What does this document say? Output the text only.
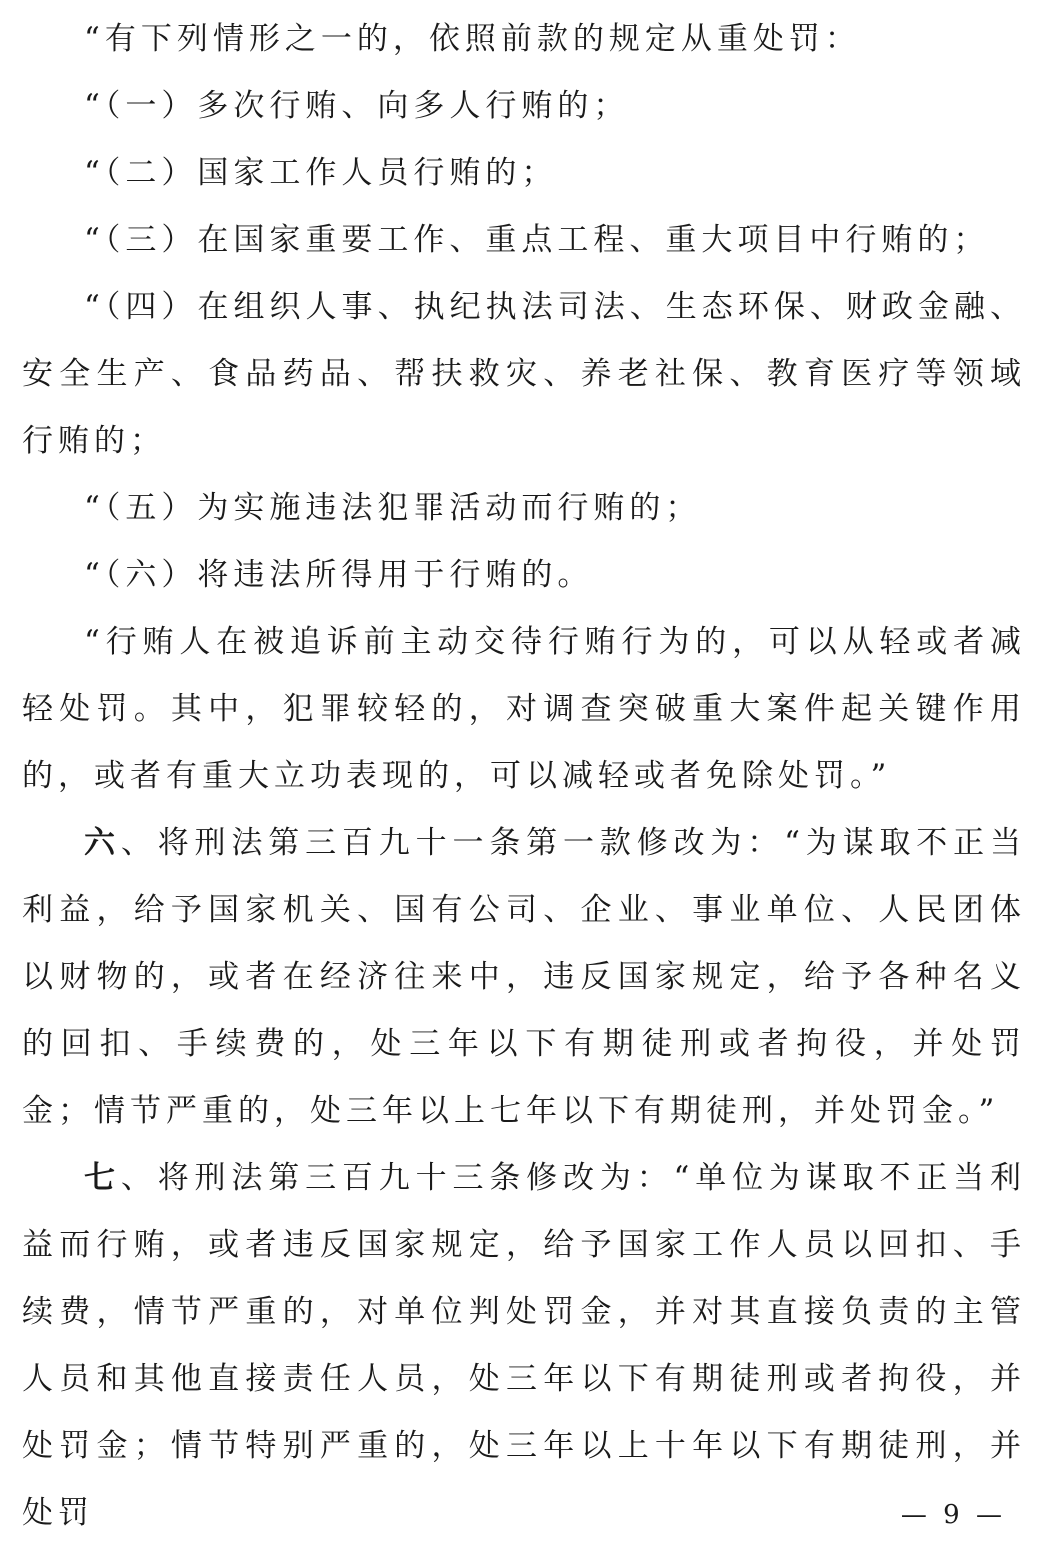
“有下列情形之一的，依照前款的规定从重处罚：

“（一）多次行贿、向多人行贿的；

“（二）国家工作人员行贿的；

“（三）在国家重要工作、重点工程、重大项目中行贿的；

“（四）在组织人事、执纪执法司法、生态环保、财政金融、安全生产、食品药品、帮扶救灾、养老社保、教育医疗等领域行贿的；

“（五）为实施违法犯罪活动而行贿的；

“（六）将违法所得用于行贿的。

“行贿人在被追诉前主动交待行贿行为的，可以从轻或者减轻处罚。其中，犯罪较轻的，对调查突破重大案件起关键作用的，或者有重大立功表现的，可以减轻或者免除处罚。”

六、将刑法第三百九十一条第一款修改为：“为谋取不正当利益，给予国家机关、国有公司、企业、事业单位、人民团体以财物的，或者在经济往来中，违反国家规定，给予各种名义的回扣、手续费的，处三年以下有期徒刑或者拘役，并处罚金；情节严重的，处三年以上七年以下有期徒刑，并处罚金。”

七、将刑法第三百九十三条修改为：“单位为谋取不正当利益而行贿，或者违反国家规定，给予国家工作人员以回扣、手续费，情节严重的，对单位判处罚金，并对其直接负责的主管人员和其他直接责任人员，处三年以下有期徒刑或者拘役，并处罚金；情节特别严重的，处三年以上十年以下有期徒刑，并处罚	— 9 —
